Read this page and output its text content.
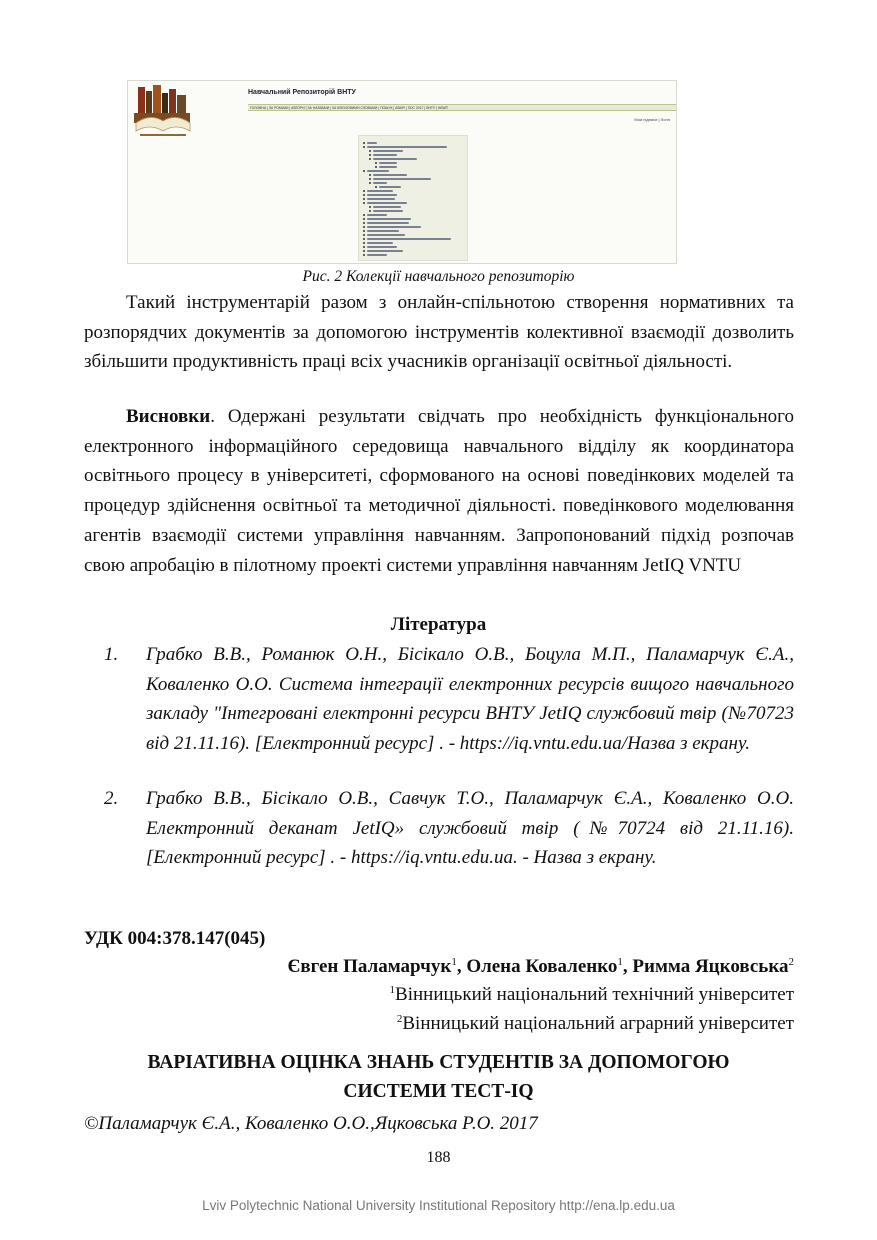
Навчальний Репозиторій ВНТУ
ГОЛОВНА | ЗА РОКАМИ | АВТОРИ | ЗА НАЗВАМИ | ЗА КЛЮЧОВИМИ СЛОВАМИ | ПОШУК | АВАРІ | SDC 2017 | ВНТУ | НІВИТ
Мои підписи | Логін
Рис. 2 Колекції навчального репозиторію

Такий інструментарій разом з онлайн-спільнотою створення нормативних та розпорядчих документів за допомогою інструментів колективної взаємодії дозволить збільшити продуктивність праці всіх учасників організації освітньої діяльності.

Висновки. Одержані результати свідчать про необхідність функціонального електронного інформаційного середовища навчального відділу як координатора освітнього процесу в університеті, сформованого на основі поведінкових моделей та процедур здійснення освітньої та методичної діяльності. поведінкового моделювання агентів взаємодії системи управління навчанням. Запропонований підхід розпочав свою апробацію в пілотному проекті системи управління навчанням JetIQ VNTU

Література
1. Грабко В.В., Романюк О.Н., Бісікало О.В., Боцула М.П., Паламарчук Є.А., Коваленко О.О. Система інтеграції електронних ресурсів вищого навчального закладу "Інтегровані електронні ресурси ВНТУ JetIQ службовий твір (№70723 від 21.11.16). [Електронний ресурс] . - https://iq.vntu.edu.ua/Назва з екрану.

2. Грабко В.В., Бісікало О.В., Савчук Т.О., Паламарчук Є.А., Коваленко О.О. Електронний деканат JetIQ» службовий твір (№70724 від 21.11.16). [Електронний ресурс] . - https://iq.vntu.edu.ua. - Назва з екрану.

УДК 004:378.147(045)
Євген Паламарчук$^1$, Олена Коваленко$^1$, Римма Яцковська$^2$
$^1$Вінницький національний технічний університет
$^2$Вінницький національний аграрний університет
ВАРІАТИВНА ОЦІНКА ЗНАНЬ СТУДЕНТІВ ЗА ДОПОМОГОЮ
СИСТЕМИ ТЕСТ-IQ
©Паламарчук Є.А., Коваленко О.О.,Яцковська Р.О. 2017
188
Lviv Polytechnic National University Institutional Repository http://ena.lp.edu.ua
